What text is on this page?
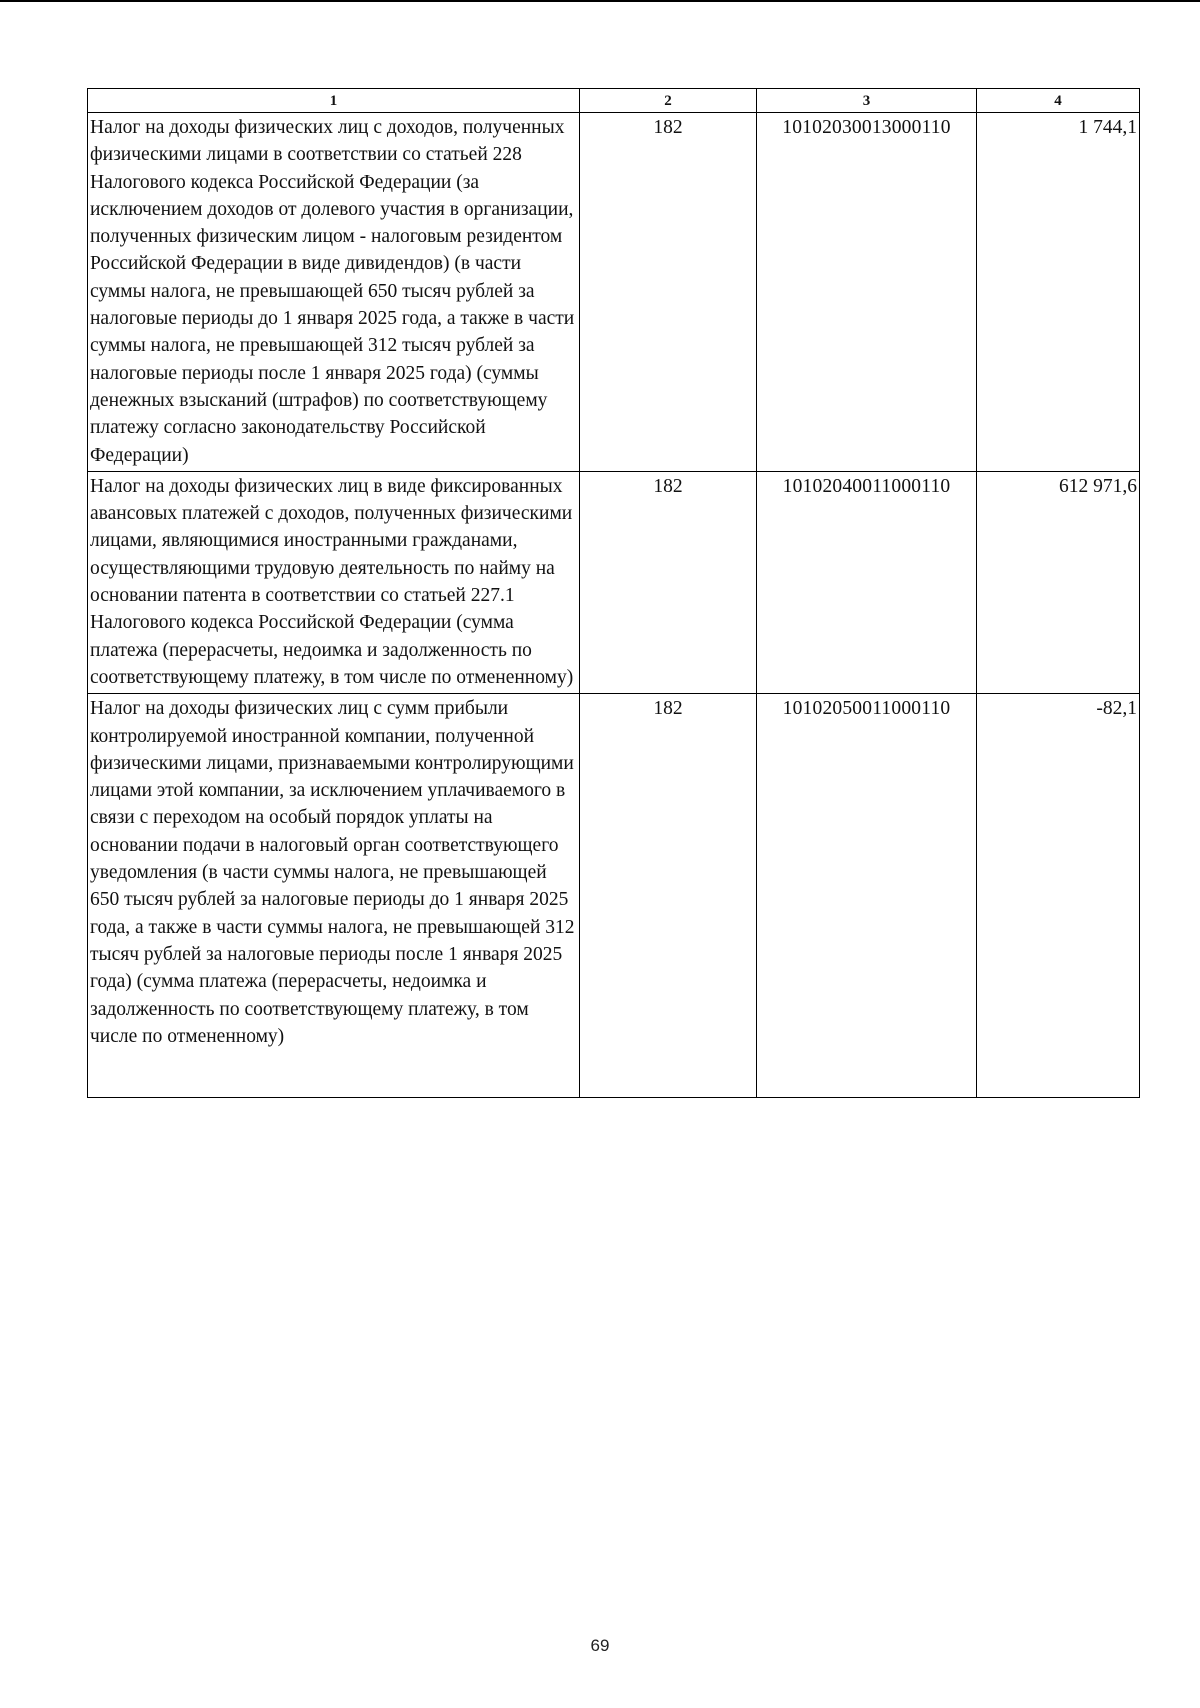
1	2	3	4
Налог на доходы физических лиц с доходов, полученных физическими лицами в соответствии со статьей 228 Налогового кодекса Российской Федерации (за исключением доходов от долевого участия в организации, полученных физическим лицом - налоговым резидентом Российской Федерации в виде дивидендов) (в части суммы налога, не превышающей 650 тысяч рублей за налоговые периоды до 1 января 2025 года, а также в части суммы налога, не превышающей 312 тысяч рублей за налоговые периоды после 1 января 2025 года) (суммы денежных взысканий (штрафов) по соответствующему платежу согласно законодательству Российской Федерации)	182	10102030013000110	1 744,1
Налог на доходы физических лиц в виде фиксированных авансовых платежей с доходов, полученных физическими лицами, являющимися иностранными гражданами, осуществляющими трудовую деятельность по найму на основании патента в соответствии со статьей 227.1 Налогового кодекса Российской Федерации (сумма платежа (перерасчеты, недоимка и задолженность по соответствующему платежу, в том числе по отмененному)	182	10102040011000110	612 971,6
Налог на доходы физических лиц с сумм прибыли контролируемой иностранной компании, полученной физическими лицами, признаваемыми контролирующими лицами этой компании, за исключением уплачиваемого в связи с переходом на особый порядок уплаты на основании подачи в налоговый орган соответствующего уведомления (в части суммы налога, не превышающей 650 тысяч рублей за налоговые периоды до 1 января 2025 года, а также в части суммы налога, не превышающей 312 тысяч рублей за налоговые периоды после 1 января 2025 года) (сумма платежа (перерасчеты, недоимка и задолженность по соответствующему платежу, в том числе по отмененному)	182	10102050011000110	-82,1
69
